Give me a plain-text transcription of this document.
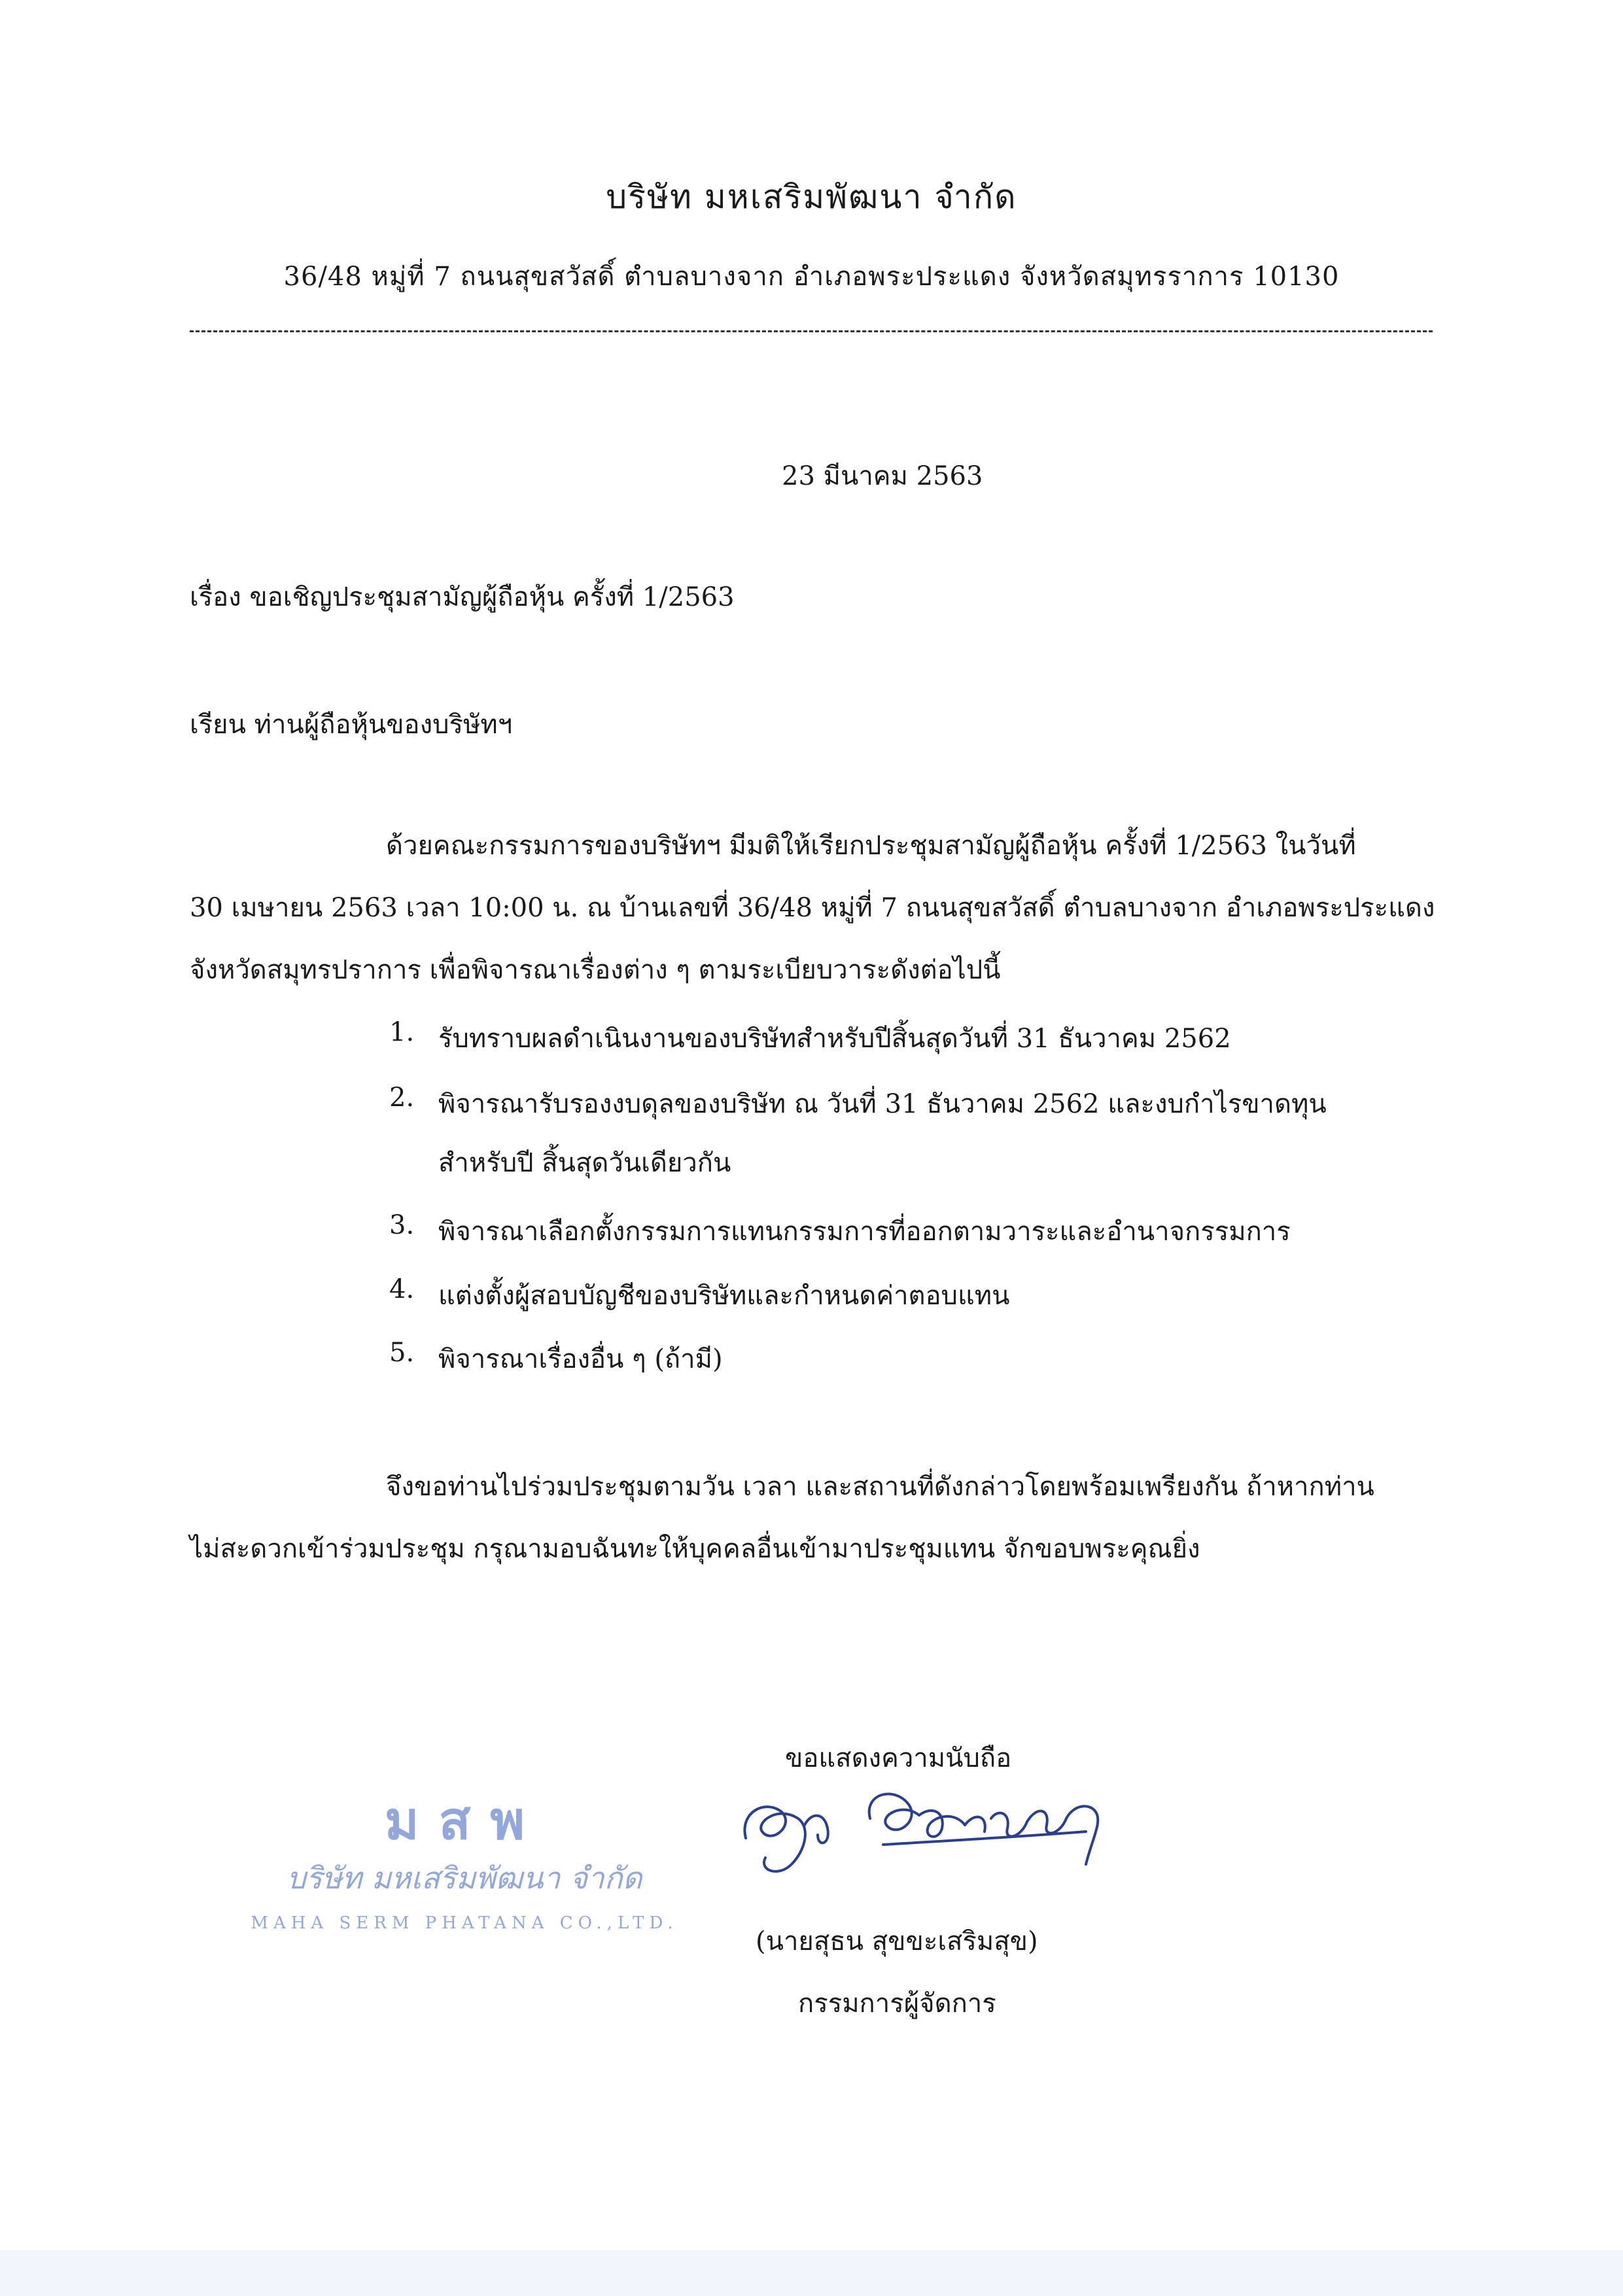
บริษัท มหเสริมพัฒนา จำกัด
36/48 หมู่ที่ 7 ถนนสุขสวัสดิ์ ตำบลบางจาก อำเภอพระประแดง จังหวัดสมุทรราการ 10130
23 มีนาคม 2563
เรื่อง ขอเชิญประชุมสามัญผู้ถือหุ้น ครั้งที่ 1/2563
เรียน ท่านผู้ถือหุ้นของบริษัทฯ
ด้วยคณะกรรมการของบริษัทฯ มีมติให้เรียกประชุมสามัญผู้ถือหุ้น ครั้งที่ 1/2563 ในวันที่
30 เมษายน 2563 เวลา 10:00 น. ณ บ้านเลขที่ 36/48 หมู่ที่ 7 ถนนสุขสวัสดิ์ ตำบลบางจาก อำเภอพระประแดง
จังหวัดสมุทรปราการ เพื่อพิจารณาเรื่องต่าง ๆ ตามระเบียบวาระดังต่อไปนี้
1. รับทราบผลดำเนินงานของบริษัทสำหรับปีสิ้นสุดวันที่ 31 ธันวาคม 2562
2. พิจารณารับรองงบดุลของบริษัท ณ วันที่ 31 ธันวาคม 2562 และงบกำไรขาดทุน
สำหรับปี สิ้นสุดวันเดียวกัน
3. พิจารณาเลือกตั้งกรรมการแทนกรรมการที่ออกตามวาระและอำนาจกรรมการ
4. แต่งตั้งผู้สอบบัญชีของบริษัทและกำหนดค่าตอบแทน
5. พิจารณาเรื่องอื่น ๆ (ถ้ามี)
จึงขอท่านไปร่วมประชุมตามวัน เวลา และสถานที่ดังกล่าวโดยพร้อมเพรียงกัน ถ้าหากท่าน
ไม่สะดวกเข้าร่วมประชุม กรุณามอบฉันทะให้บุคคลอื่นเข้ามาประชุมแทน จักขอบพระคุณยิ่ง
ขอแสดงความนับถือ
มสพ
บริษัท มหเสริมพัฒนา จำกัด
MAHA SERM PHATANA CO.,LTD.
(นายสุธน สุขขะเสริมสุข)
กรรมการผู้จัดการ
